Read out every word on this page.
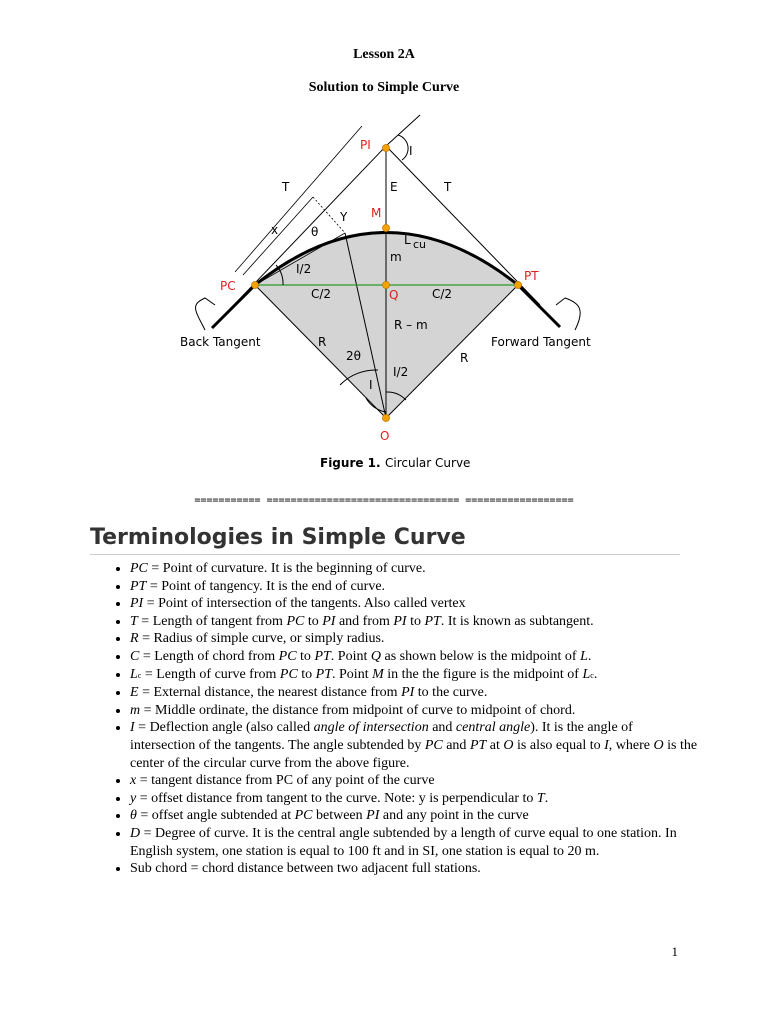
Lesson 2A
Solution to Simple Curve
PI	I
T	T
E
M
L cu
m
x	θ
Y
I/2
PC
PT
C/2	Q	C/2
R – m
Back Tangent	Forward Tangent
R
R
2θ
I
I/2
O
Figure 1. Circular Curve
=========== ================================ ==================
Terminologies in Simple Curve
• PC = Point of curvature. It is the beginning of curve.
• PT = Point of tangency. It is the end of curve.
• PI = Point of intersection of the tangents. Also called vertex
• T = Length of tangent from PC to PI and from PI to PT. It is known as subtangent.
• R = Radius of simple curve, or simply radius.
• C = Length of chord from PC to PT. Point Q as shown below is the midpoint of L.
• Lc = Length of curve from PC to PT. Point M in the the figure is the midpoint of Lc.
• E = External distance, the nearest distance from PI to the curve.
• m = Middle ordinate, the distance from midpoint of curve to midpoint of chord.
• I = Deflection angle (also called angle of intersection and central angle). It is the angle of intersection of the tangents. The angle subtended by PC and PT at O is also equal to I, where O is the center of the circular curve from the above figure.
• x = tangent distance from PC of any point of the curve
• y = offset distance from tangent to the curve. Note: y is perpendicular to T.
• θ = offset angle subtended at PC between PI and any point in the curve
• D = Degree of curve. It is the central angle subtended by a length of curve equal to one station. In English system, one station is equal to 100 ft and in SI, one station is equal to 20 m.
• Sub chord = chord distance between two adjacent full stations.
1
